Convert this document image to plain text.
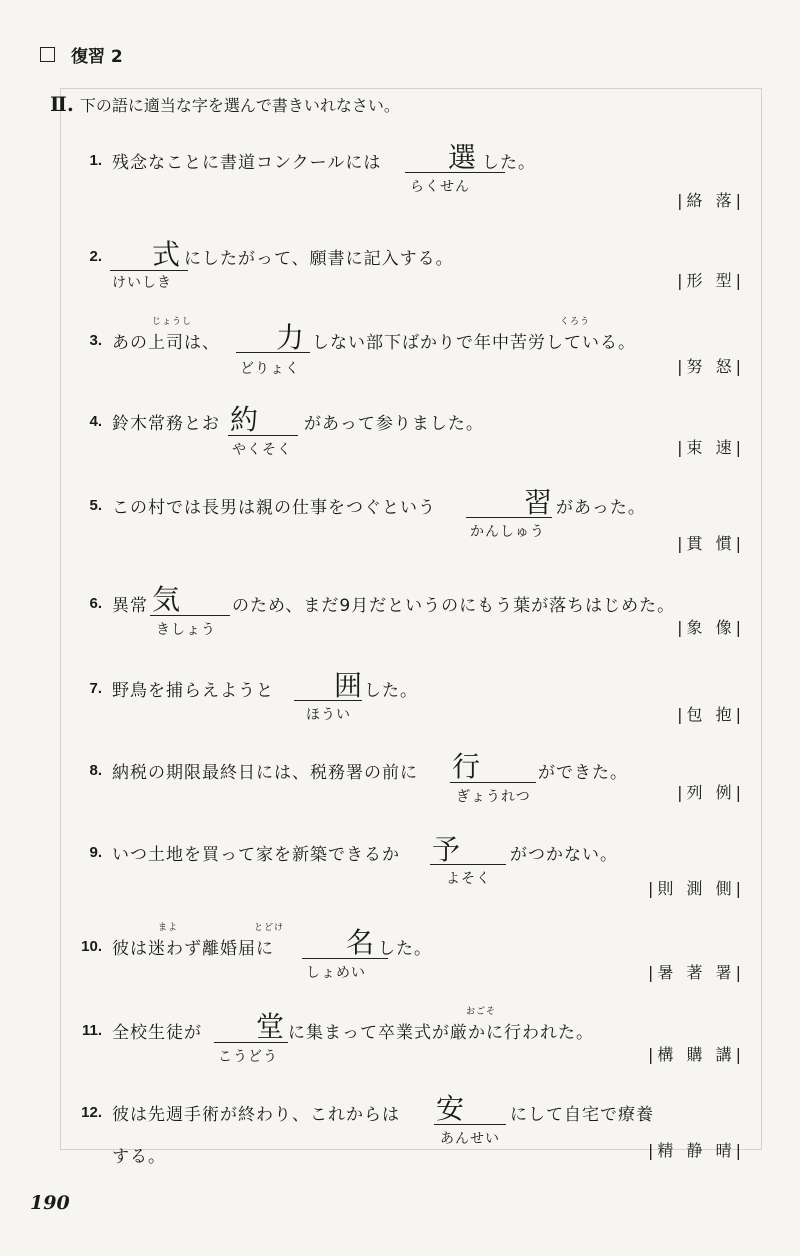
復習 2
Ⅱ. 下の語に適当な字を選んで書きいれなさい。
1. 残念なことに書道コンクールには 選 した。
らくせん
|絡 落|
2. 式 にしたがって、願書に記入する。
けいしき	|形 型|
じょうし	くろう
3. あの上司は、 力 しない部下ばかりで年中苦労している。
どりょく	|努 怒|
4. 鈴木常務とお 約	があって参りました。
やくそく	|束 速|
5. この村では長男は親の仕事をつぐという	習 があった。
かんしゅう
|貫 慣|
6. 異常 気	のため、まだ9月だというのにもう葉が落ちはじめた。
きしょう	|象 像|
7. 野鳥を捕らえようと 囲 した。
ほうい	|包 抱|
8. 納税の期限最終日には、税務署の前に 行	ができた。
ぎょうれつ	|列 例|
9. いつ土地を買って家を新築できるか 予	がつかない。
よそく	|則 測 側|
まよ	とどけ
10. 彼は迷わず離婚届に	名 した。
しょめい	|暑 著 署|
おごそ
11. 全校生徒が 堂 に集まって卒業式が厳かに行われた。
こうどう	|構 購 講|
12. 彼は先週手術が終わり、これからは 安	にして自宅で療養
あんせい
する。	|精 静 晴|
190
